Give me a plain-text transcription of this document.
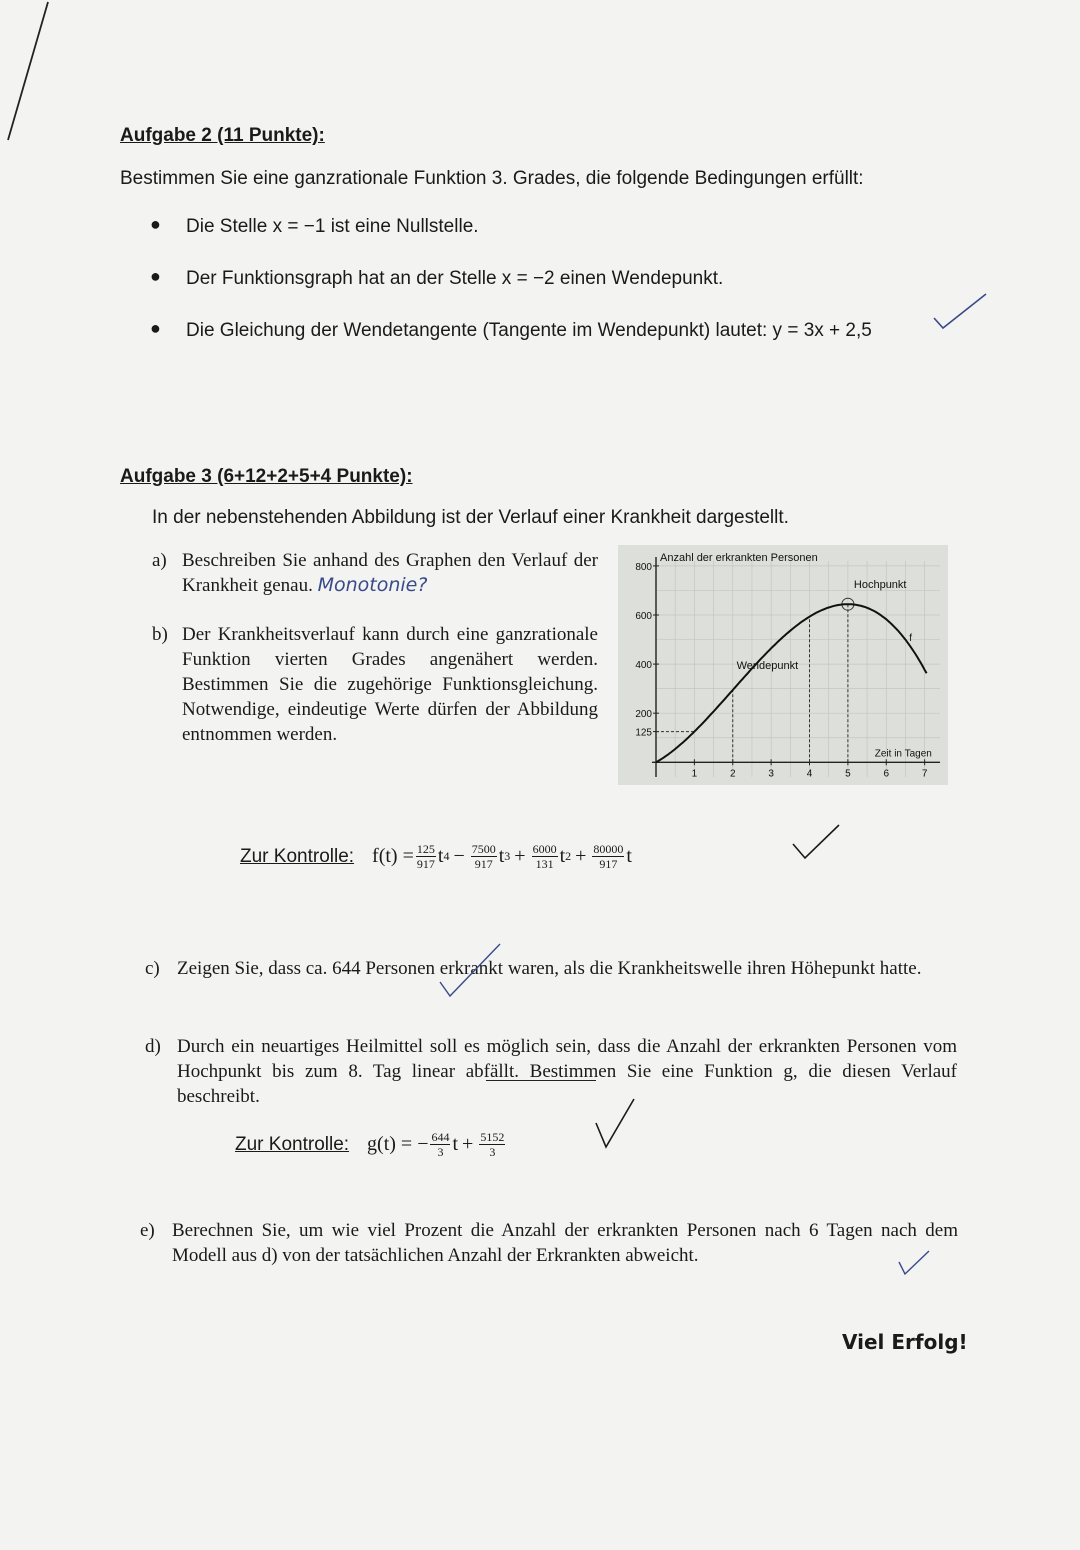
Aufgabe 2 (11 Punkte):
Bestimmen Sie eine ganzrationale Funktion 3. Grades, die folgende Bedingungen erfüllt:
● Die Stelle x = −1 ist eine Nullstelle.
● Der Funktionsgraph hat an der Stelle x = −2 einen Wendepunkt.
● Die Gleichung der Wendetangente (Tangente im Wendepunkt) lautet: y = 3x + 2,5
Aufgabe 3 (6+12+2+5+4 Punkte):
In der nebenstehenden Abbildung ist der Verlauf einer Krankheit dargestellt.
a) Beschreiben Sie anhand des Graphen den Verlauf der Krankheit genau. Monotonie?
b) Der Krankheitsverlauf kann durch eine ganzrationale Funktion vierten Grades angenähert werden. Bestimmen Sie die zugehörige Funktionsgleichung. Notwendige, eindeutige Werte dürfen der Abbildung entnommen werden.	125
200
400
600
800
1	2	3	4	5	6	7
Anzahl der erkrankten Personen
Zeit in Tagen
Wendepunkt
Hochpunkt
f
Zur Kontrolle: $f(t) = \frac{125}{917}$ t $4 - \frac{7500}{917}$ t $3 + \frac{6000}{131}$ t $2 + \frac{80000}{917}$ t
c) Zeigen Sie, dass ca. 644 Personen erkrankt waren, als die Krankheitswelle ihren Höhepunkt hatte.
d) Durch ein neuartiges Heilmittel soll es möglich sein, dass die Anzahl der erkrankten Personen vom Hochpunkt bis zum 8. Tag linear abfällt. Bestimmen Sie eine Funktion g, die diesen Verlauf beschreibt.
Zur Kontrolle: g(t) = − $\frac{644}{3}$ $t + \frac{5152}{3}$
e) Berechnen Sie, um wie viel Prozent die Anzahl der erkrankten Personen nach 6 Tagen nach dem Modell aus d) von der tatsächlichen Anzahl der Erkrankten abweicht.
Viel Erfolg!
